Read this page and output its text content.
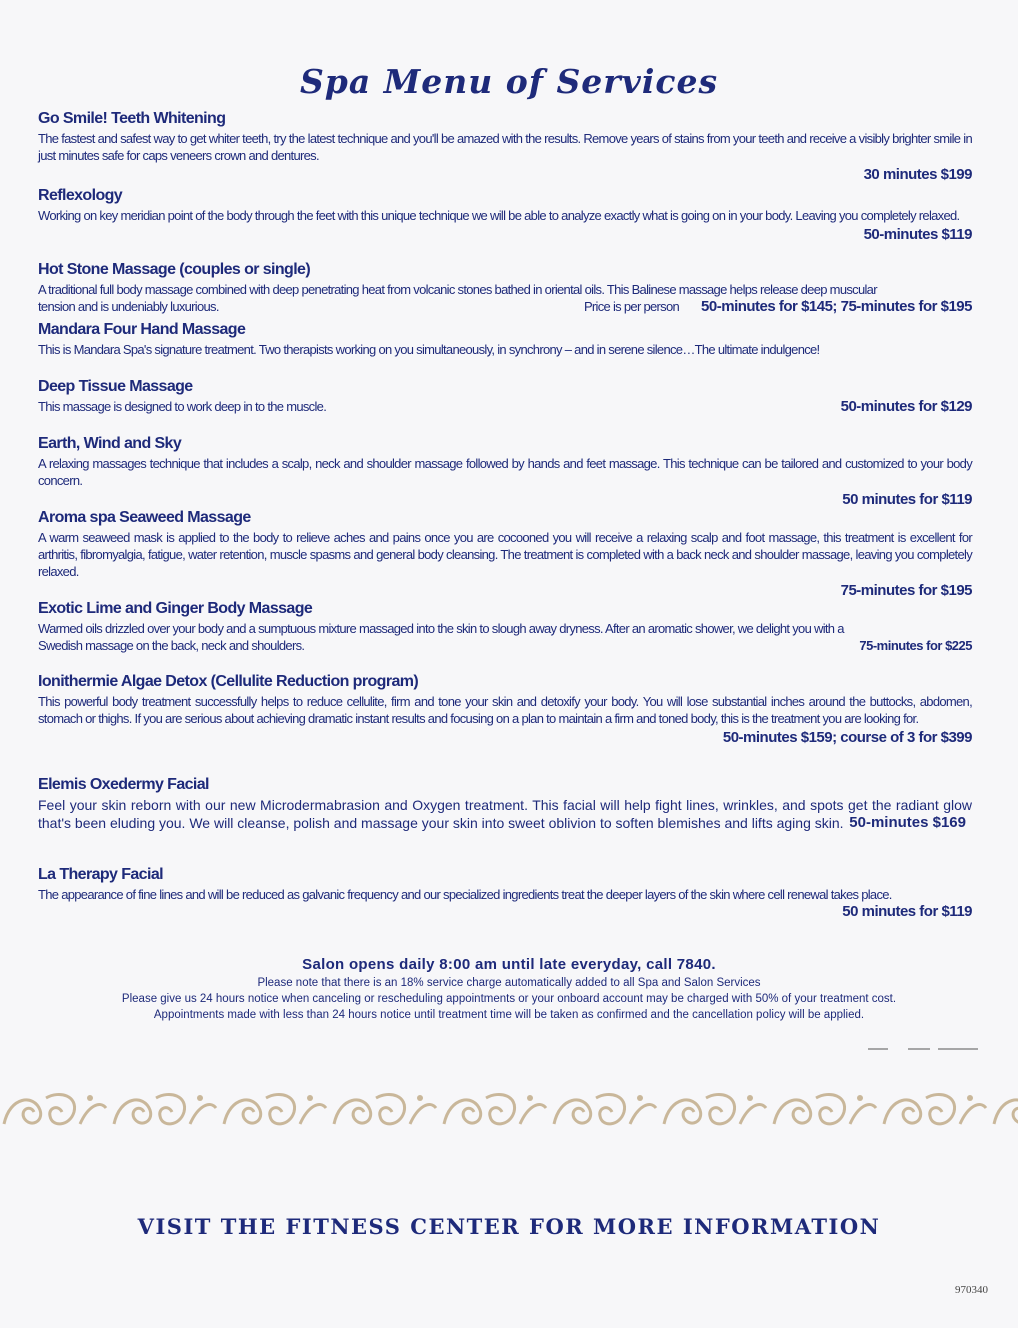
Spa Menu of Services
Go Smile! Teeth Whitening

The fastest and safest way to get whiter teeth, try the latest technique and you'll be amazed with the results. Remove years of stains from your teeth and receive a visibly brighter smile in just minutes safe for caps veneers crown and dentures.

30 minutes $199
Reflexology

Working on key meridian point of the body through the feet with this unique technique we will be able to analyze exactly what is going on in your body. Leaving you completely relaxed.

50-minutes $119
Hot Stone Massage (couples or single)

A traditional full body massage combined with deep penetrating heat from volcanic stones bathed in oriental oils. This Balinese massage helps release deep muscular

tension and is undeniably luxurious.	Price is per person 50-minutes for $145; 75-minutes for $195
Mandara Four Hand Massage

This is Mandara Spa's signature treatment. Two therapists working on you simultaneously, in synchrony – and in serene silence…The ultimate indulgence!

Deep Tissue Massage
This massage is designed to work deep in to the muscle.	50-minutes for $129
Earth, Wind and Sky

A relaxing massages technique that includes a scalp, neck and shoulder massage followed by hands and feet massage. This technique can be tailored and customized to your body concern.

50 minutes for $119
Aroma spa Seaweed Massage

A warm seaweed mask is applied to the body to relieve aches and pains once you are cocooned you will receive a relaxing scalp and foot massage, this treatment is excellent for arthritis, fibromyalgia, fatigue, water retention, muscle spasms and general body cleansing. The treatment is completed with a back neck and shoulder massage, leaving you completely relaxed.

75-minutes for $195
Exotic Lime and Ginger Body Massage

Warmed oils drizzled over your body and a sumptuous mixture massaged into the skin to slough away dryness. After an aromatic shower, we delight you with a

Swedish massage on the back, neck and shoulders.	75-minutes for $225
Ionithermie Algae Detox (Cellulite Reduction program)

This powerful body treatment successfully helps to reduce cellulite, firm and tone your skin and detoxify your body. You will lose substantial inches around the buttocks, abdomen, stomach or thighs. If you are serious about achieving dramatic instant results and focusing on a plan to maintain a firm and toned body, this is the treatment you are looking for.

50-minutes $159; course of 3 for $399
Elemis Oxedermy Facial

Feel your skin reborn with our new Microdermabrasion and Oxygen treatment. This facial will help fight lines, wrinkles, and spots get the radiant glow that's been eluding you. We will cleanse, polish and massage your skin into sweet oblivion to soften blemishes and lifts aging skin. 50-minutes $169
La Therapy Facial

The appearance of fine lines and will be reduced as galvanic frequency and our specialized ingredients treat the deeper layers of the skin where cell renewal takes place.

50 minutes for $119
Salon opens daily 8:00 am until late everyday, call 7840.
Please note that there is an 18% service charge automatically added to all Spa and Salon Services
Please give us 24 hours notice when canceling or rescheduling appointments or your onboard account may be charged with 50% of your treatment cost.
Appointments made with less than 24 hours notice until treatment time will be taken as confirmed and the cancellation policy will be applied.
VISIT THE FITNESS CENTER FOR MORE INFORMATION
970340
